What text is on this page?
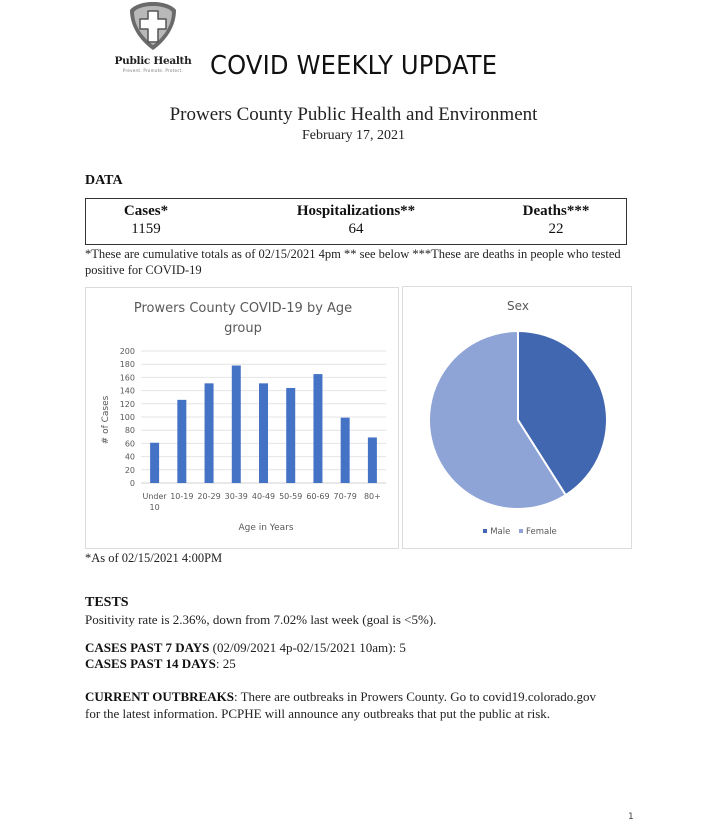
Public Health
Prevent. Promote. Protect.	COVID WEEKLY UPDATE
Prowers County Public Health and Environment
February 17, 2021
DATA
Cases*
1159
Hospitalizations**
64
Deaths***
22
*These are cumulative totals as of 02/15/2021 4pm ** see below ***These are deaths in people who tested positive for COVID-19
Prowers County COVID-19 by Age
group
0
20
40
60
80
100
120
140
160
180
200
Under
10
10-19 20-29 30-39 40-49 50-59 60-69 70-79 80+
# of Cases
Age in Years
Sex
Male Female
*As of 02/15/2021 4:00PM
TESTS
Positivity rate is 2.36%, down from 7.02% last week (goal is <5%).
CASES PAST 7 DAYS (02/09/2021 4p-02/15/2021 10am): 5
CASES PAST 14 DAYS: 25
CURRENT OUTBREAKS: There are outbreaks in Prowers County. Go to covid19.colorado.gov for the latest information. PCPHE will announce any outbreaks that put the public at risk.
1
